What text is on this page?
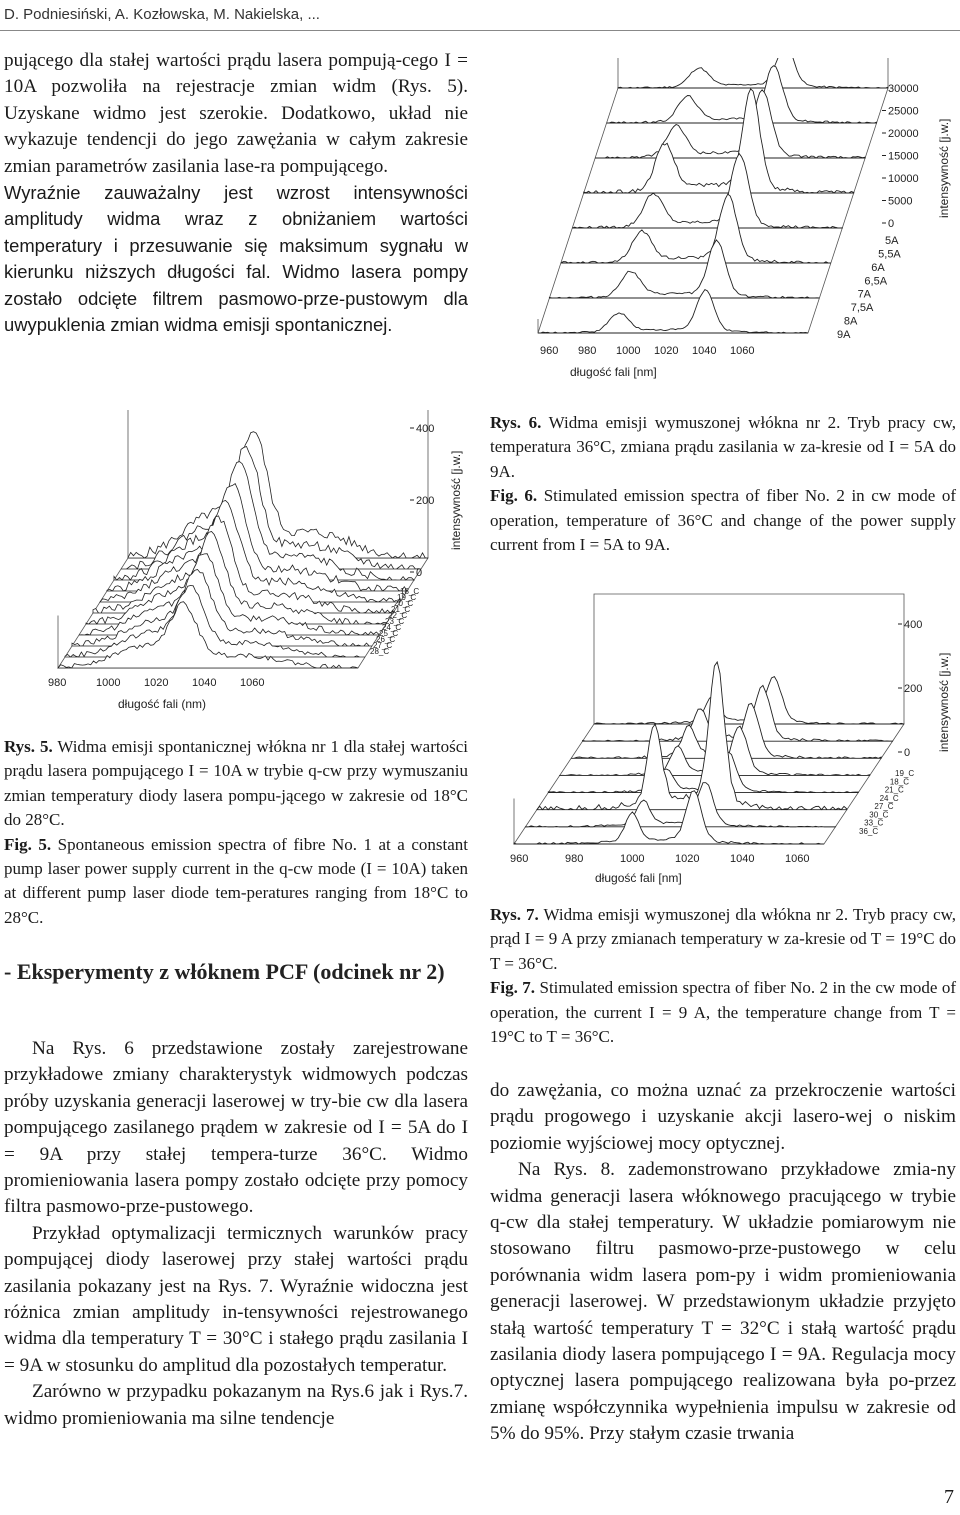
D. Podniesiński, A. Kozłowska, M. Nakielska, ...

pującego dla stałej wartości prądu lasera pompują-cego I = 10A pozwoliła na rejestracje zmian widm (Rys. 5). Uzyskane widmo jest szerokie. Dodatkowo, układ nie wykazuje tendencji do jego zawężania w całym zakresie zmian parametrów zasilania lase-ra pompującego.

Wyraźnie zauważalny jest wzrost intensywności amplitudy widma wraz z obniżaniem wartości temperatury i przesuwanie się maksimum sygnału w kierunku niższych długości fal. Widmo lasera pompy zostało odcięte filtrem pasmowo-prze-pustowym dla uwypuklenia zmian widma emisji spontanicznej.

30000
25000
20000
15000
10000
5000
0
intensywność [j.w.]
960 980 1000 1020 1040 1060
długość fali [nm]
5A
5,5A
6A
6,5A
7A
7,5A
8A
9A

Rys. 6. Widma emisji wymuszonej włókna nr 2. Tryb pracy cw, temperatura 36°C, zmiana prądu zasilania w za-kresie od I = 5A do 9A.

Fig. 6. Stimulated emission spectra of fiber No. 2 in cw mode of operation, temperature of 36°C and change of the power supply current from I = 5A to 9A.

400
200
0
intensywność [j.w.]
980	1000 1020 1040 1060
długość fali (nm)
18_C
19_C
20_C
21_C
22_C
23_C
24_C
25_C
26_C
27_C
28_C

Rys. 5. Widma emisji spontanicznej włókna nr 1 dla stałej wartości prądu lasera pompującego I = 10A w trybie q-cw przy wymuszaniu zmian temperatury diody lasera pompu-jącego w zakresie od 18°C do 28°C.

Fig. 5. Spontaneous emission spectra of fibre No. 1 at a constant pump laser power supply current in the q-cw mode (I = 10A) taken at different pump laser diode tem-peratures ranging from 18°C to 28°C.

400
200
0
intensywność [j.w.]
960	980	1000	1020	1040	1060
długość fali [nm]
19_C
18_C
21_C
24_C
27_C
30_C
33_C
36_C

Rys. 7. Widma emisji wymuszonej dla włókna nr 2. Tryb pracy cw, prąd I = 9 A przy zmianach temperatury w za-kresie od T = 19°C do T = 36°C.

Fig. 7. Stimulated emission spectra of fiber No. 2 in the cw mode of operation, the current I = 9 A, the temperature change from T = 19°C to T = 36°C.

- Eksperymenty z włóknem PCF (odcinek nr 2)

Na Rys. 6 przedstawione zostały zarejestrowane przykładowe zmiany charakterystyk widmowych podczas próby uzyskania generacji laserowej w try-bie cw dla lasera pompującego zasilanego prądem w zakresie od I = 5A do I = 9A przy stałej tempera-turze 36°C. Widmo promieniowania lasera pompy zostało odcięte przy pomocy filtra pasmowo-prze-pustowego.

Przykład optymalizacji termicznych warunków pracy pompującej diody laserowej przy stałej wartości prądu zasilania pokazany jest na Rys. 7. Wyraźnie widoczna jest różnica zmian amplitudy in-tensywności rejestrowanego widma dla temperatury T = 30°C i stałego prądu zasilania I = 9A w stosunku do amplitud dla pozostałych temperatur.

Zarówno w przypadku pokazanym na Rys.6 jak i Rys.7. widmo promieniowania ma silne tendencje

do zawężania, co można uznać za przekroczenie wartości prądu progowego i uzyskanie akcji lasero-wej o niskim poziomie wyjściowej mocy optycznej.

Na Rys. 8. zademonstrowano przykładowe zmia-ny widma generacji lasera włóknowego pracującego w trybie q-cw dla stałej temperatury. W układzie pomiarowym nie stosowano filtru pasmowo-prze-pustowego w celu porównania widm lasera pom-py i widm promieniowania generacji laserowej. W przedstawionym układzie przyjęto stałą wartość temperatury T = 32°C i stałą wartość prądu zasilania diody lasera pompującego I = 9A. Regulacja mocy optycznej lasera pompującego realizowana była po-przez zmianę współczynnika wypełnienia impulsu w zakresie od 5% do 95%. Przy stałym czasie trwania

7
